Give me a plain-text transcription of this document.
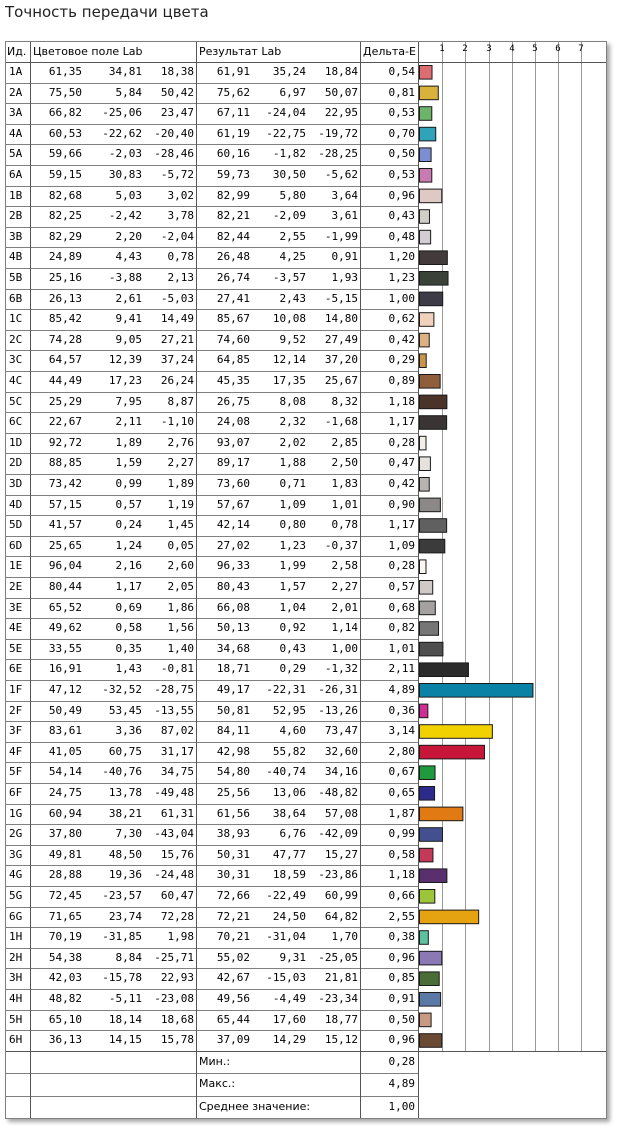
Точность передачи цвета
Ид. Цветовое поле Lab	Результат Lab	Дельта-E	1	2	3	4	5	6	7
1A	61,35	34,81	18,38	61,91	35,24	18,84	0,54
2A	75,50	5,84	50,42	75,62	6,97	50,07	0,81
3A	66,82	-25,06	23,47	67,11	-24,04	22,95	0,53
4A	60,53	-22,62	-20,40	61,19	-22,75	-19,72	0,70
5A	59,66	-2,03	-28,46	60,16	-1,82	-28,25	0,50
6A	59,15	30,83	-5,72	59,73	30,50	-5,62	0,53
1B	82,68	5,03	3,02	82,99	5,80	3,64	0,96
2B	82,25	-2,42	3,78	82,21	-2,09	3,61	0,43
3B	82,29	2,20	-2,04	82,44	2,55	-1,99	0,48
4B	24,89	4,43	0,78	26,48	4,25	0,91	1,20
5B	25,16	-3,88	2,13	26,74	-3,57	1,93	1,23
6B	26,13	2,61	-5,03	27,41	2,43	-5,15	1,00
1C	85,42	9,41	14,49	85,67	10,08	14,80	0,62
2C	74,28	9,05	27,21	74,60	9,52	27,49	0,42
3C	64,57	12,39	37,24	64,85	12,14	37,20	0,29
4C	44,49	17,23	26,24	45,35	17,35	25,67	0,89
5C	25,29	7,95	8,87	26,75	8,08	8,32	1,18
6C	22,67	2,11	-1,10	24,08	2,32	-1,68	1,17
1D	92,72	1,89	2,76	93,07	2,02	2,85	0,28
2D	88,85	1,59	2,27	89,17	1,88	2,50	0,47
3D	73,42	0,99	1,89	73,60	0,71	1,83	0,42
4D	57,15	0,57	1,19	57,67	1,09	1,01	0,90
5D	41,57	0,24	1,45	42,14	0,80	0,78	1,17
6D	25,65	1,24	0,05	27,02	1,23	-0,37	1,09
1E	96,04	2,16	2,60	96,33	1,99	2,58	0,28
2E	80,44	1,17	2,05	80,43	1,57	2,27	0,57
3E	65,52	0,69	1,86	66,08	1,04	2,01	0,68
4E	49,62	0,58	1,56	50,13	0,92	1,14	0,82
5E	33,55	0,35	1,40	34,68	0,43	1,00	1,01
6E	16,91	1,43	-0,81	18,71	0,29	-1,32	2,11
1F	47,12	-32,52	-28,75	49,17	-22,31	-26,31	4,89
2F	50,49	53,45	-13,55	50,81	52,95	-13,26	0,36
3F	83,61	3,36	87,02	84,11	4,60	73,47	3,14
4F	41,05	60,75	31,17	42,98	55,82	32,60	2,80
5F	54,14	-40,76	34,75	54,80	-40,74	34,16	0,67
6F	24,75	13,78	-49,48	25,56	13,06	-48,82	0,65
1G	60,94	38,21	61,31	61,56	38,64	57,08	1,87
2G	37,80	7,30	-43,04	38,93	6,76	-42,09	0,99
3G	49,81	48,50	15,76	50,31	47,77	15,27	0,58
4G	28,88	19,36	-24,48	30,31	18,59	-23,86	1,18
5G	72,45	-23,57	60,47	72,66	-22,49	60,99	0,66
6G	71,65	23,74	72,28	72,21	24,50	64,82	2,55
1H	70,19	-31,85	1,98	70,21	-31,04	1,70	0,38
2H	54,38	8,84	-25,71	55,02	9,31	-25,05	0,96
3H	42,03	-15,78	22,93	42,67	-15,03	21,81	0,85
4H	48,82	-5,11	-23,08	49,56	-4,49	-23,34	0,91
5H	65,10	18,14	18,68	65,44	17,60	18,77	0,50
6H	36,13	14,15	15,78	37,09	14,29	15,12	0,96
Мин.:	0,28
Макс.:	4,89
Среднее значение:	1,00
